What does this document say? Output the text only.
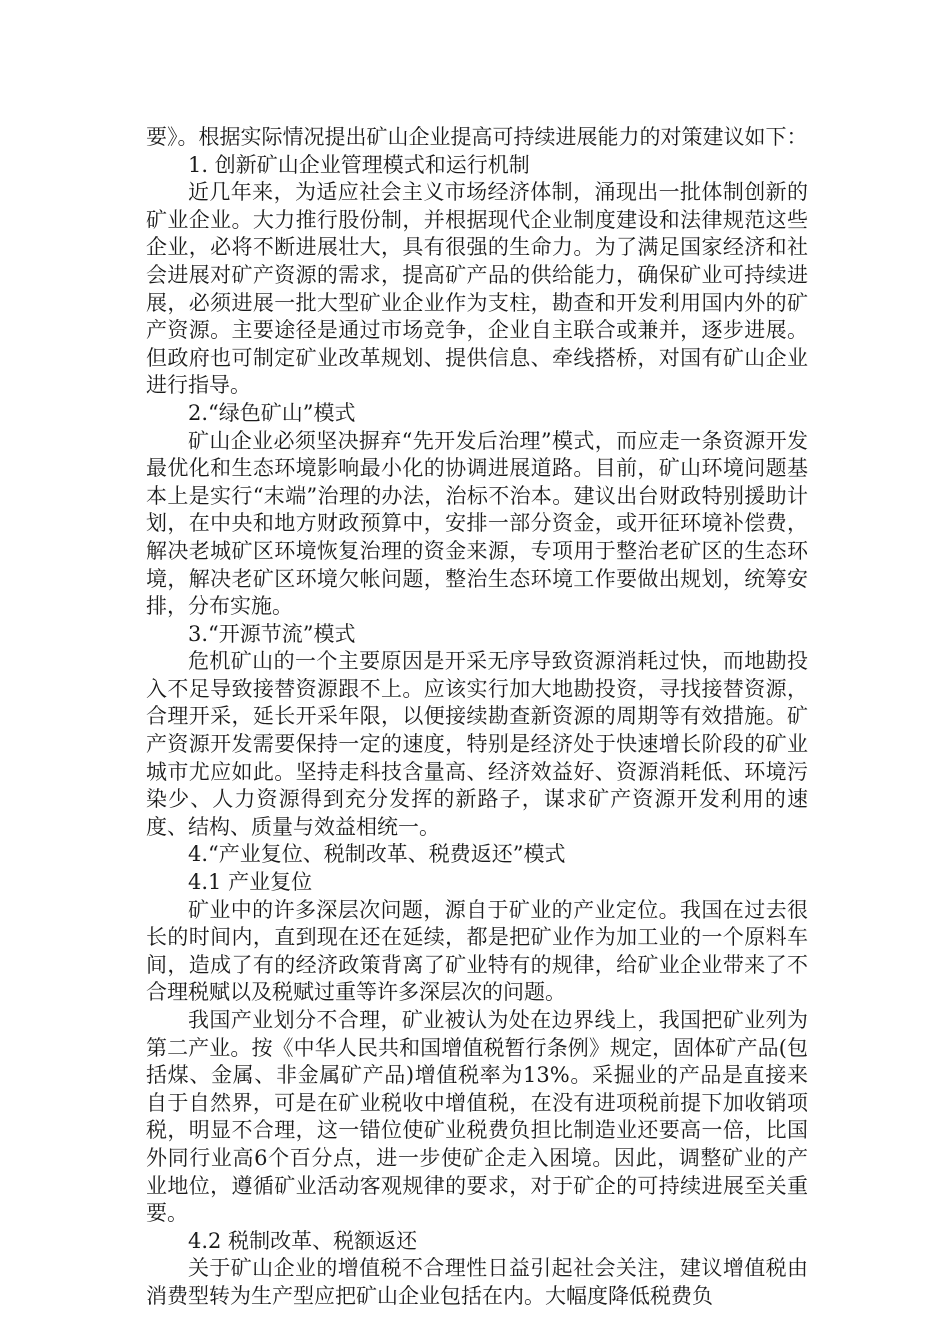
要》。根据实际情况提出矿山企业提高可持续进展能力的对策建议如下：

1. 创新矿山企业管理模式和运行机制

近几年来，为适应社会主义市场经济体制，涌现出一批体制创新的矿业企业。大力推行股份制，并根据现代企业制度建设和法律规范这些企业，必将不断进展壮大，具有很强的生命力。为了满足国家经济和社会进展对矿产资源的需求，提高矿产品的供给能力，确保矿业可持续进展，必须进展一批大型矿业企业作为支柱，勘查和开发利用国内外的矿产资源。主要途径是通过市场竞争，企业自主联合或兼并，逐步进展。但政府也可制定矿业改革规划、提供信息、牵线搭桥，对国有矿山企业进行指导。

2.“绿色矿山”模式

矿山企业必须坚决摒弃“先开发后治理”模式，而应走一条资源开发最优化和生态环境影响最小化的协调进展道路。目前，矿山环境问题基本上是实行“末端”治理的办法，治标不治本。建议出台财政特别援助计划，在中央和地方财政预算中，安排一部分资金，或开征环境补偿费，解决老城矿区环境恢复治理的资金来源，专项用于整治老矿区的生态环境，解决老矿区环境欠帐问题，整治生态环境工作要做出规划，统筹安排，分布实施。

3.“开源节流”模式

危机矿山的一个主要原因是开采无序导致资源消耗过快，而地勘投入不足导致接替资源跟不上。应该实行加大地勘投资，寻找接替资源，合理开采，延长开采年限，以便接续勘查新资源的周期等有效措施。矿产资源开发需要保持一定的速度，特别是经济处于快速增长阶段的矿业城市尤应如此。坚持走科技含量高、经济效益好、资源消耗低、环境污染少、人力资源得到充分发挥的新路子，谋求矿产资源开发利用的速度、结构、质量与效益相统一。

4.“产业复位、税制改革、税费返还”模式

4.1 产业复位

矿业中的许多深层次问题，源自于矿业的产业定位。我国在过去很长的时间内，直到现在还在延续，都是把矿业作为加工业的一个原料车间，造成了有的经济政策背离了矿业特有的规律，给矿业企业带来了不合理税赋以及税赋过重等许多深层次的问题。

我国产业划分不合理，矿业被认为处在边界线上，我国把矿业列为第二产业。按《中华人民共和国增值税暂行条例》规定，固体矿产品(包括煤、金属、非金属矿产品)增值税率为13%。采掘业的产品是直接来自于自然界，可是在矿业税收中增值税，在没有进项税前提下加收销项税，明显不合理，这一错位使矿业税费负担比制造业还要高一倍，比国外同行业高6个百分点，进一步使矿企走入困境。因此，调整矿业的产业地位，遵循矿业活动客观规律的要求，对于矿企的可持续进展至关重要。

4.2 税制改革、税额返还

关于矿山企业的增值税不合理性日益引起社会关注，建议增值税由消费型转为生产型应把矿山企业包括在内。大幅度降低税费负
